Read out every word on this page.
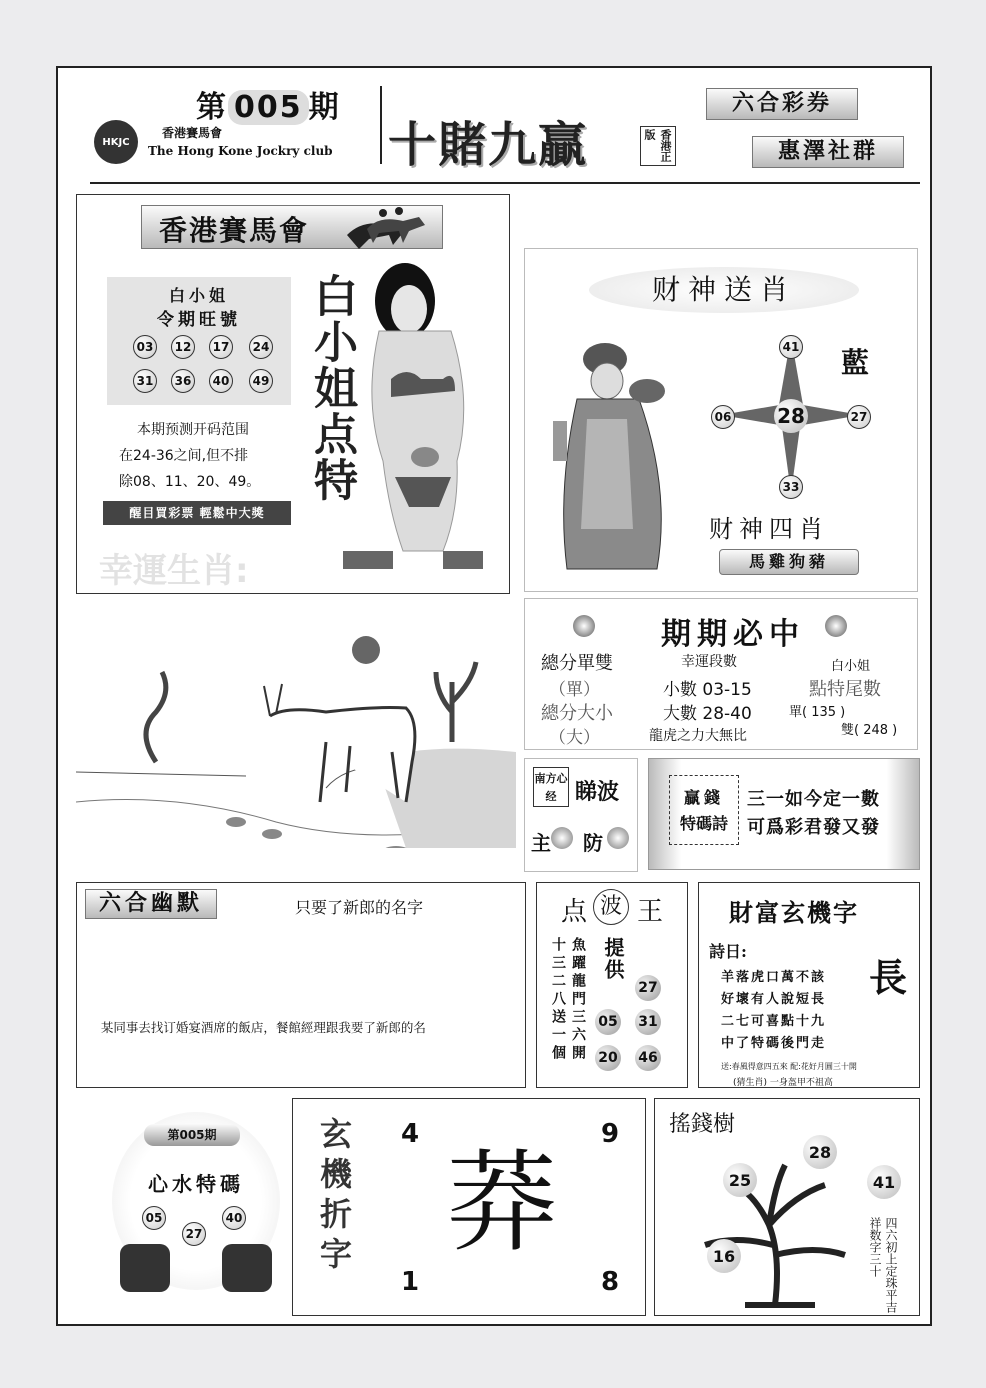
第 005 期
HKJC
香港賽馬會
The Hong Kone Jockry club 十賭九贏	香港正版
六合彩券
惠澤社群
香港賽馬會
白小姐
令期旺號
03	12	17	24
31	36	40	49 白小姐点特
本期预测开码范围
在24-36之间,但不排
除08、11、20、49。
醒目買彩票 輕鬆中大獎
幸運生肖:
财神送肖
28
41
06	27
33
藍
财神四肖
馬雞狗豬
期期必中
總分單雙	幸運段數	白小姐
（單）	小數 03-15	點特尾數
總分大小	大數 28-40	單( 135 )
（大）	龍虎之力大無比	雙( 248 )
南方心经 睇波
主 防
贏錢
特碼詩
三一如今定一數
可爲彩君發又發
六合幽默	只要了新郎的名字

某同事去找订婚宴酒席的飯店，餐館經理跟我要了新郎的名

点 波 王
十三二八送一個 魚躍龍門三六開 提供
27
05 31
20 46
財富玄機字
詩日:
羊落虎口萬不該
好壞有人說短長
二七可喜點十九
中了特碼後門走
長
送:春風得意四五來 配:花好月圓三十開
(猜生肖) 一身盔甲不祖高
第005期
心水特碼
05
27
40 玄機折字 4	9
1	8
莽
搖錢樹
28
25	41
16	四六初上定珠平吉祥数字三十
